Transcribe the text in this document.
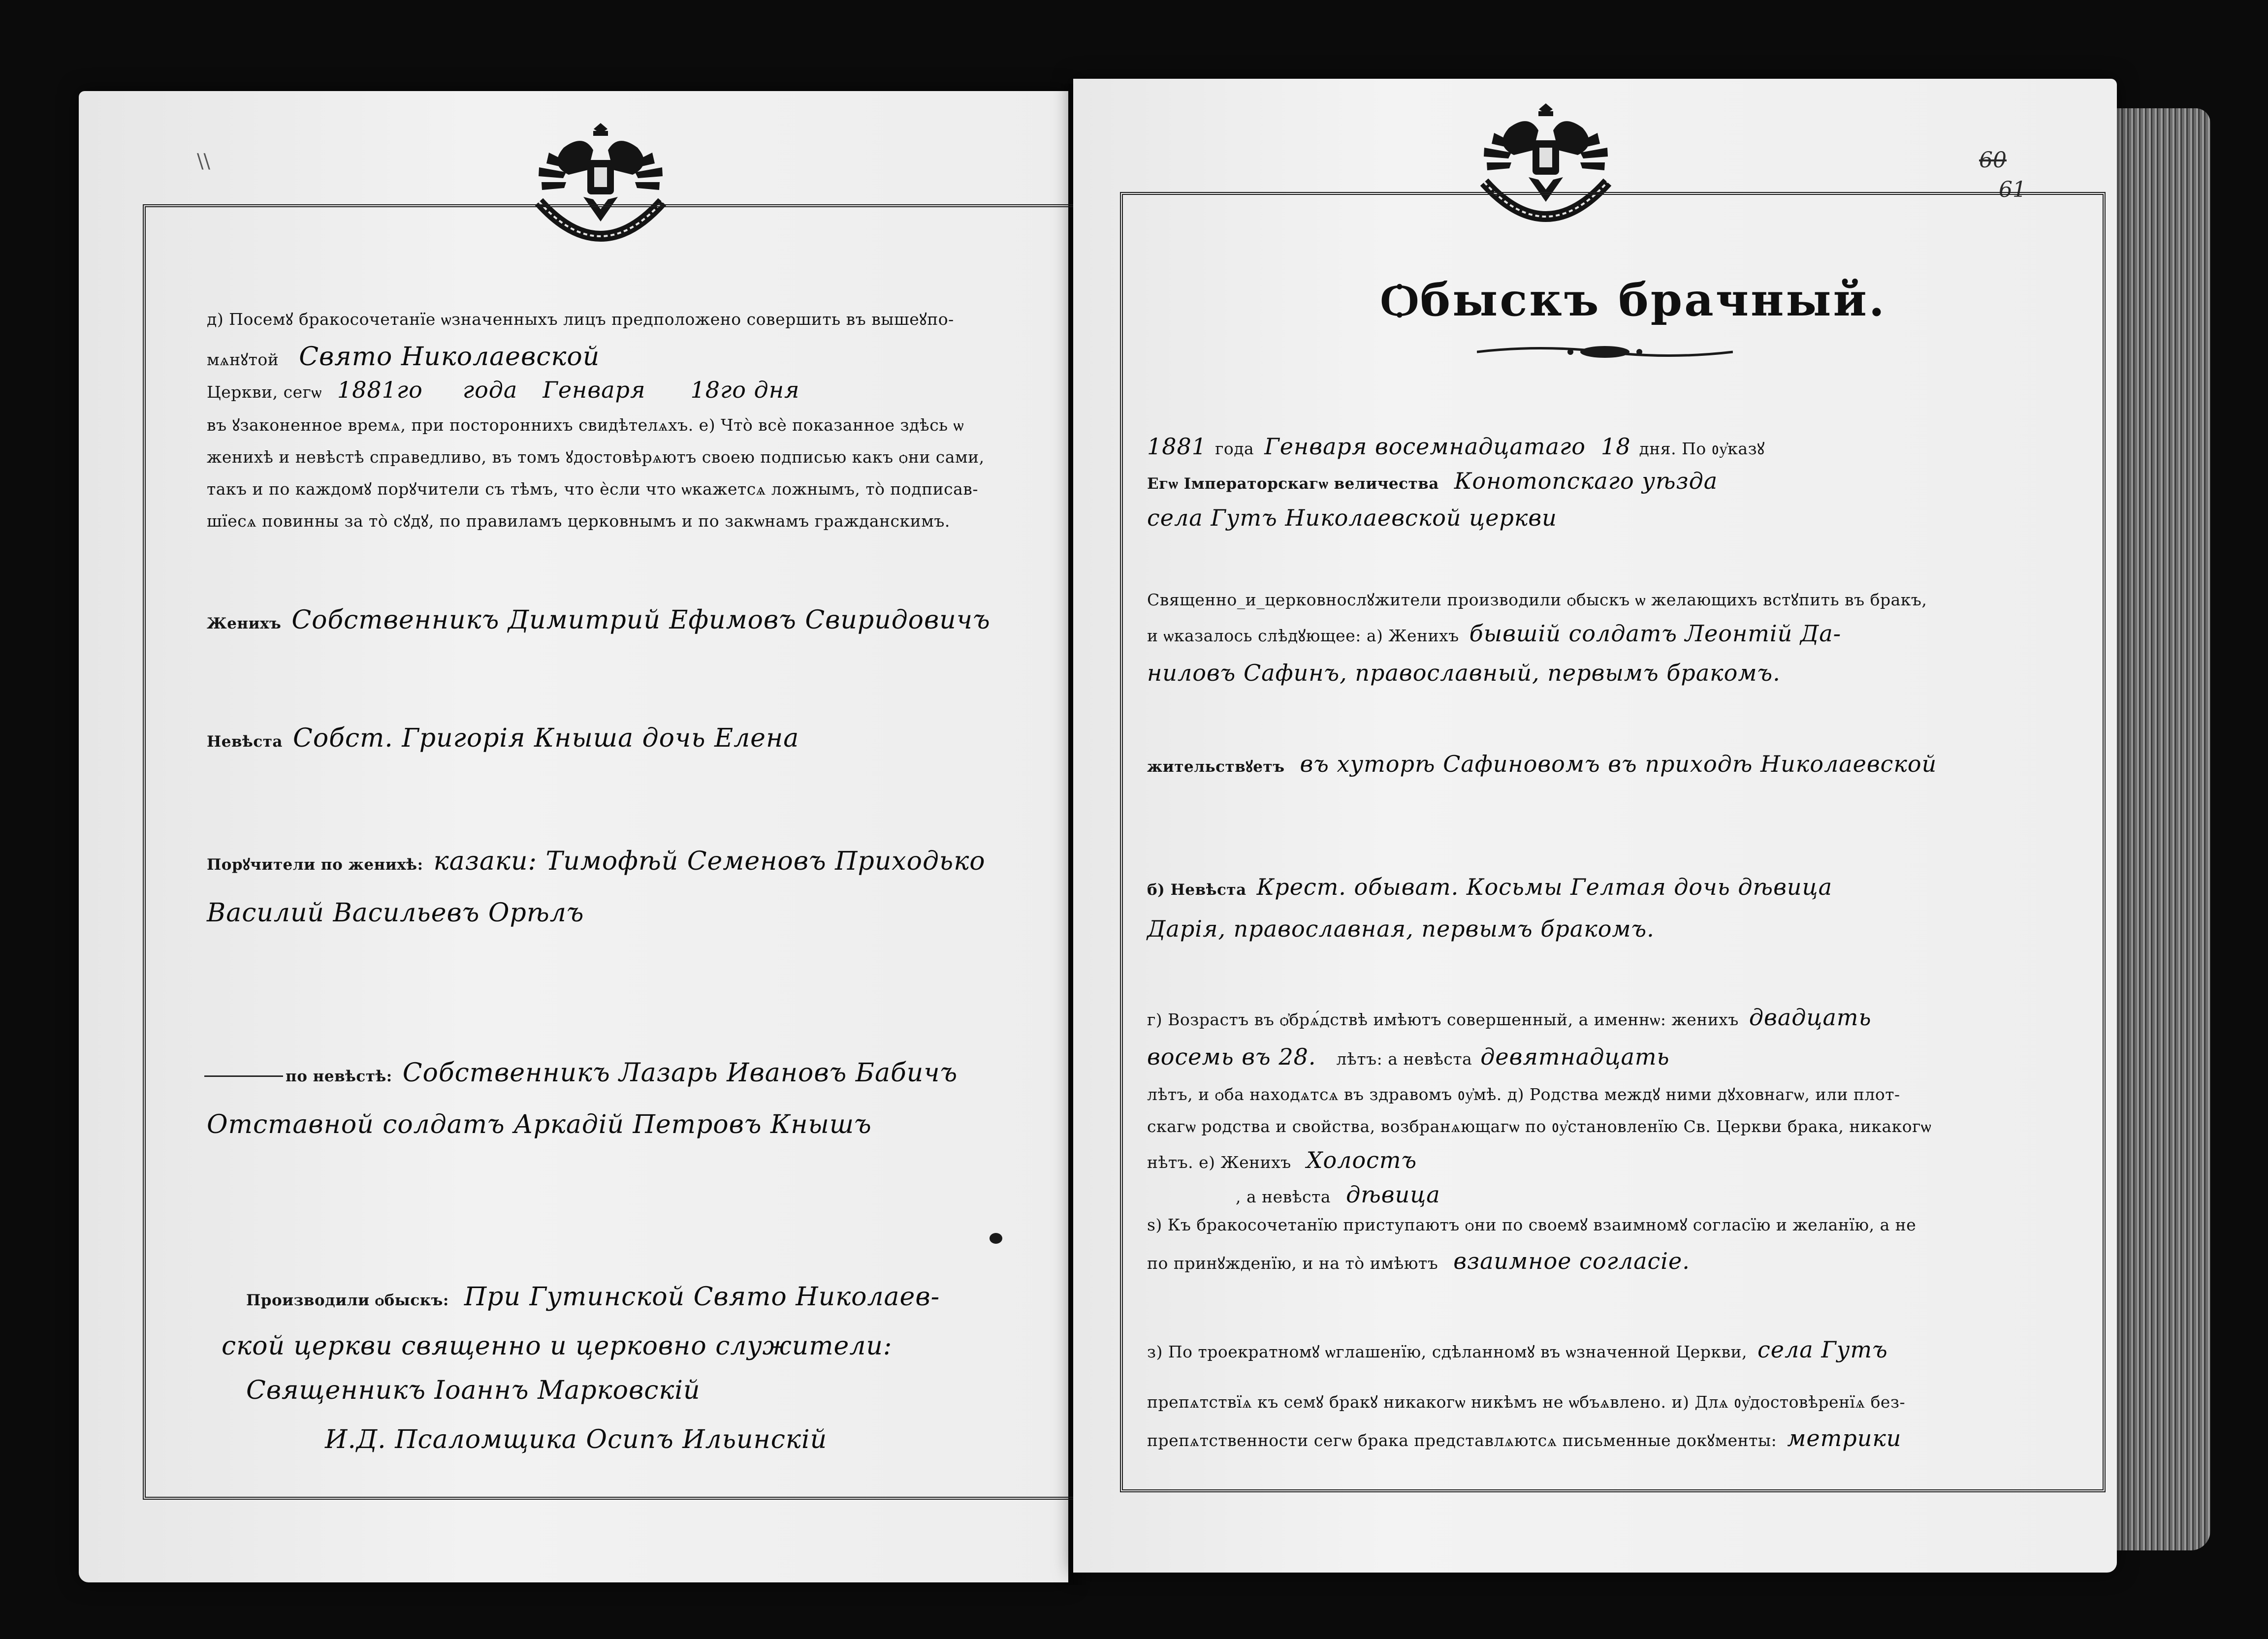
\\
д) Посемꙋ бракосочетанїе ѡзначенныхъ лицъ предположено совершить въ вышеꙋпо-
мѧнꙋтой Свято Николаевской
Церкви, сегѡ 1881го года Генваря 18го дня
въ ꙋзаконенное времѧ, при постороннихъ свидѣтелѧхъ. е) Что̀ всѐ показанное здѣсь ѡ
женихѣ и невѣстѣ справедливо, въ томъ ꙋдостовѣрѧютъ своею подписью какъ ѻни сами,
такъ и по каждомꙋ порꙋчители съ тѣмъ, что ѐсли что ѡкажетсѧ ложнымъ, то̀ подписав-
шїесѧ повинны за то̀ сꙋдꙋ, по правиламъ церковнымъ и по закѡнамъ гражданскимъ.
Женихъ Собственникъ Димитрий Ефимовъ Свиридовичъ
Невѣста Собст. Григорія Кныша дочь Елена
Порꙋчители по женихѣ: казаки: Тимофѣй Семеновъ Приходько
Василий Васильевъ Орѣлъ
по невѣстѣ: Собственникъ Лазарь Ивановъ Бабичъ
Отставной солдатъ Аркадій Петровъ Кнышъ
Производили ѻбыскъ: При Гутинской Свято Николаев-
ской церкви священно и церковно служители:
Священникъ Іоаннъ Марковскій
И.Д. Псаломщика Осипъ Ильинскій
60
61
Ѻбыскъ брачный.
1881 года Генваря восемнадцатаго 18 дня. По ᲂу҆казꙋ
Егѡ Імператорскагѡ величества Конотопскаго уѣзда
села Гутъ Николаевской церкви
Священно_и_церковнослꙋжители производили ѻбыскъ ѡ желающихъ встꙋпить въ бракъ,
и ѡказалось слѣдꙋющее: а) Женихъ бывшій солдатъ Леонтій Да-
ниловъ Сафинъ, православный, первымъ бракомъ.
жительствꙋетъ въ хуторѣ Сафиновомъ въ приходѣ Николаевской
б) Невѣста Крест. обыват. Косьмы Гелтая дочь дѣвица
Дарія, православная, первымъ бракомъ.
г) Возрастъ въ ѻ҆брѧ́дствѣ имѣютъ совершенный, а именнѡ: женихъ двадцать
восемь въ 28. лѣтъ: а невѣста девятнадцать
лѣтъ, и ѻба находѧтсѧ въ здравомъ ᲂу҆мѣ. д) Родства междꙋ ними дꙋховнагѡ, или плот-
скагѡ родства и свойства, возбранѧющагѡ по ᲂу҆становленїю Св. Церкви брака, никакогѡ
нѣтъ. е) Женихъ Холостъ
, а невѣста дѣвица
ѕ) Къ бракосочетанїю приступаютъ ѻни по своемꙋ взаимномꙋ согласїю и желанїю, а не
по принꙋжденїю, и на то̀ имѣютъ взаимное согласіе.
з) По троекратномꙋ ѡглашенїю, сдѣланномꙋ въ ѡзначенной Церкви, села Гутъ
препѧтствїѧ къ семꙋ бракꙋ никакогѡ никѣмъ не ѡбъѧвлено. и) Длѧ ᲂу҆достовѣренїѧ без-
препѧтственности сегѡ брака представлѧютсѧ письменные докꙋменты: метрики
